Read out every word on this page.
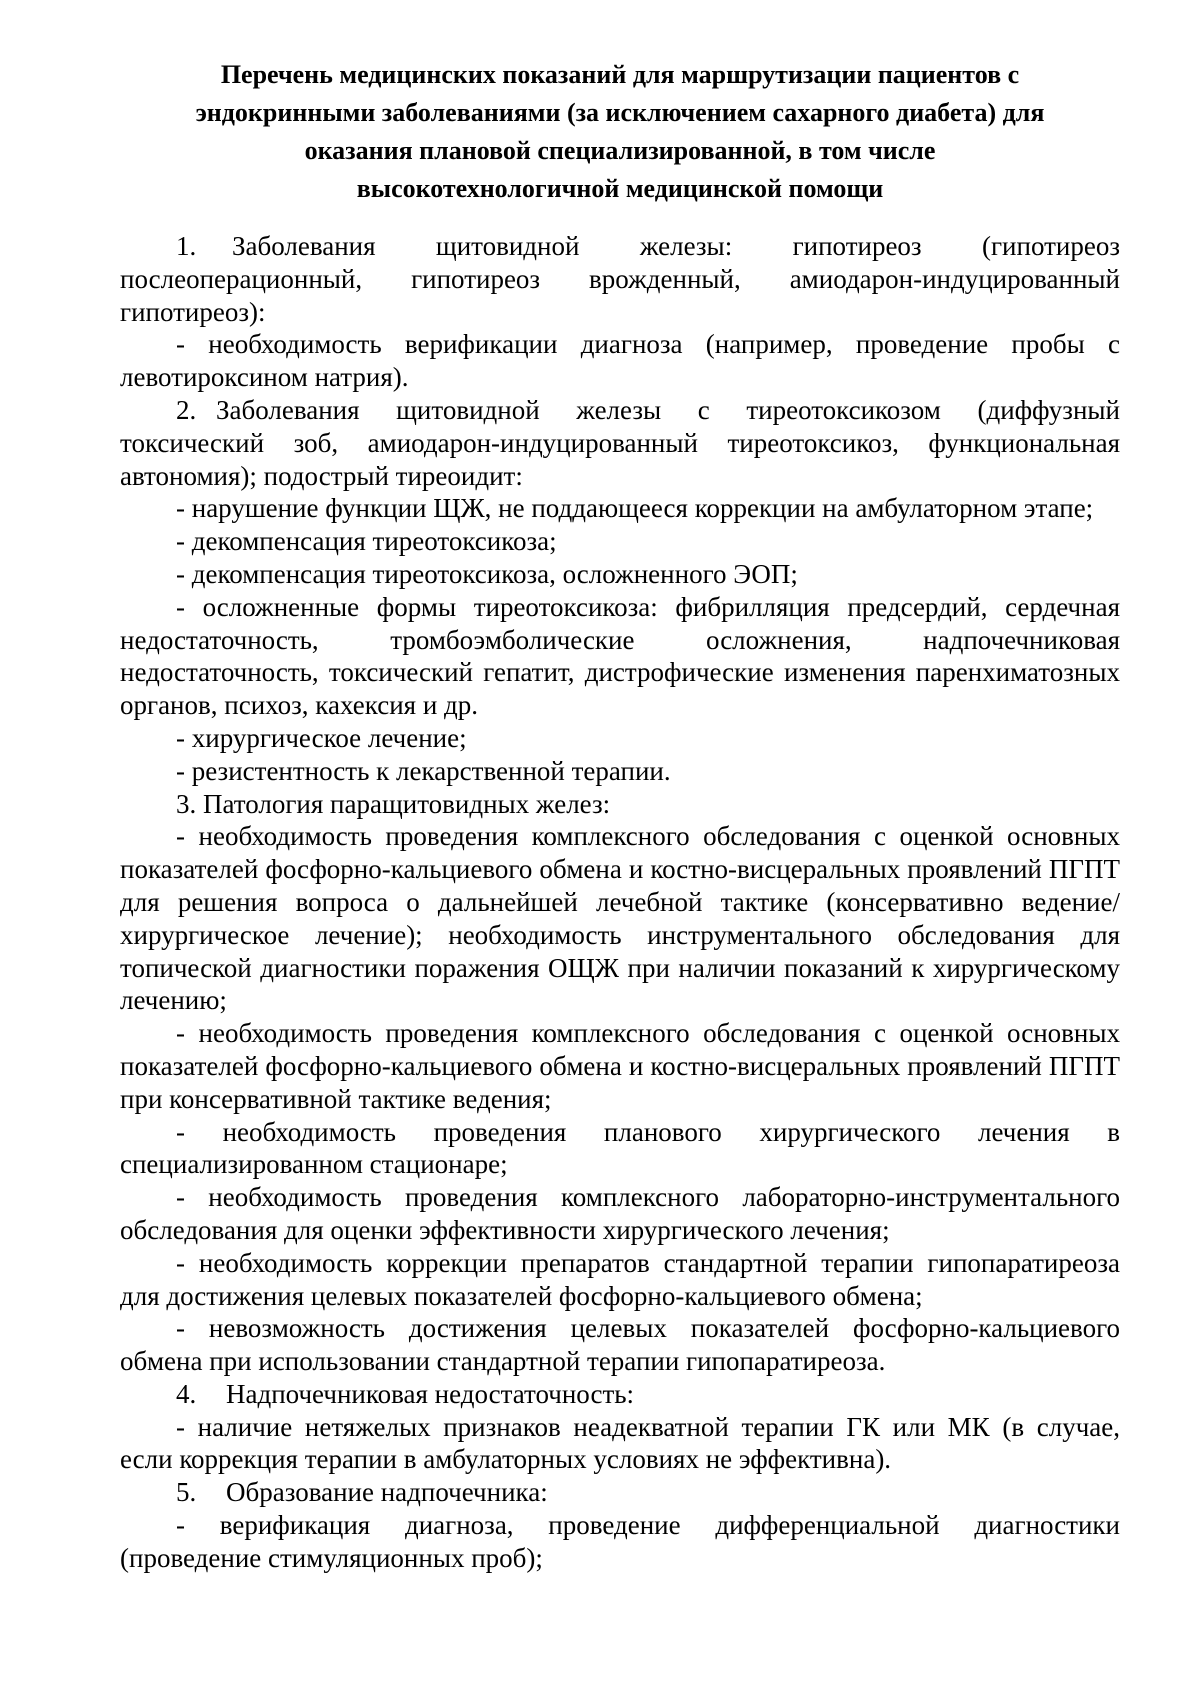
Перечень медицинских показаний для маршрутизации пациентов с
эндокринными заболеваниями (за исключением сахарного диабета) для
оказания плановой специализированной, в том числе
высокотехнологичной медицинской помощи

1. Заболевания щитовидной железы: гипотиреоз (гипотиреоз послеоперационный, гипотиреоз врожденный, амиодарон-индуцированный гипотиреоз):

- необходимость верификации диагноза (например, проведение пробы с левотироксином натрия).

2. Заболевания щитовидной железы с тиреотоксикозом (диффузный токсический зоб, амиодарон-индуцированный тиреотоксикоз, функциональная автономия); подострый тиреоидит:

- нарушение функции ЩЖ, не поддающееся коррекции на амбулаторном этапе;

- декомпенсация тиреотоксикоза;

- декомпенсация тиреотоксикоза, осложненного ЭОП;

- осложненные формы тиреотоксикоза: фибрилляция предсердий, сердечная недостаточность, тромбоэмболические осложнения, надпочечниковая недостаточность, токсический гепатит, дистрофические изменения паренхиматозных органов, психоз, кахексия и др.

- хирургическое лечение;

- резистентность к лекарственной терапии.

3. Патология паращитовидных желез:

- необходимость проведения комплексного обследования с оценкой основных показателей фосфорно-кальциевого обмена и костно-висцеральных проявлений ПГПТ для решения вопроса о дальнейшей лечебной тактике (консервативно ведение/хирургическое лечение); необходимость инструментального обследования для топической диагностики поражения ОЩЖ при наличии показаний к хирургическому лечению;

- необходимость проведения комплексного обследования с оценкой основных показателей фосфорно-кальциевого обмена и костно-висцеральных проявлений ПГПТ при консервативной тактике ведения;

- необходимость проведения планового хирургического лечения в специализированном стационаре;

- необходимость проведения комплексного лабораторно-инструментального обследования для оценки эффективности хирургического лечения;

- необходимость коррекции препаратов стандартной терапии гипопаратиреоза для достижения целевых показателей фосфорно-кальциевого обмена;

- невозможность достижения целевых показателей фосфорно-кальциевого обмена при использовании стандартной терапии гипопаратиреоза.

4. Надпочечниковая недостаточность:

- наличие нетяжелых признаков неадекватной терапии ГК или МК (в случае, если коррекция терапии в амбулаторных условиях не эффективна).

5. Образование надпочечника:

- верификация диагноза, проведение дифференциальной диагностики (проведение стимуляционных проб);
